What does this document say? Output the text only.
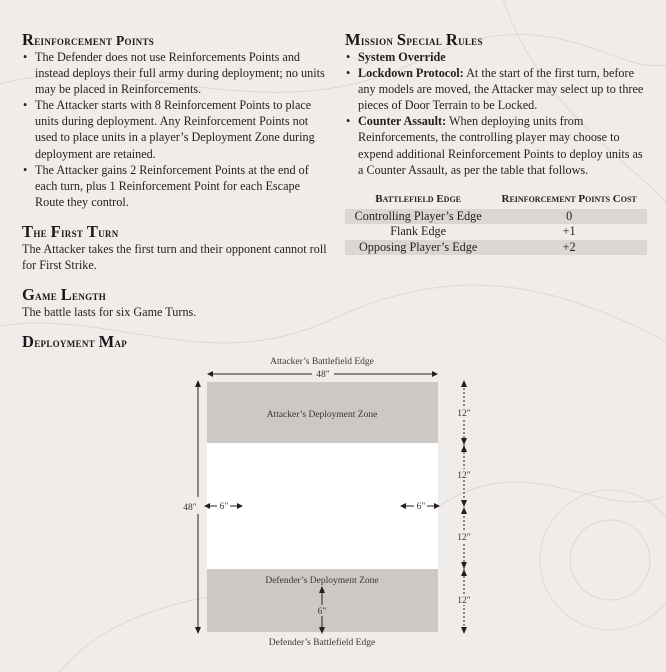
Reinforcement Points
• The Defender does not use Reinforcements Points and instead deploys their full army during deployment; no units may be placed in Reinforcements.
• The Attacker starts with 8 Reinforcement Points to place units during deployment. Any Reinforcement Points not used to place units in a player’s Deployment Zone during deployment are retained.
• The Attacker gains 2 Reinforcement Points at the end of each turn, plus 1 Reinforcement Point for each Escape Route they control.
The First Turn

The Attacker takes the first turn and their opponent cannot roll for First Strike.

Game Length

The battle lasts for six Game Turns.

Deployment Map
Mission Special Rules
• System Override
• Lockdown Protocol: At the start of the first turn, before any models are moved, the Attacker may select up to three pieces of Door Terrain to be Locked.
• Counter Assault: When deploying units from Reinforcements, the controlling player may choose to expend additional Reinforcement Points to deploy units as a Counter Assault, as per the table that follows.
Battlefield Edge	Reinforcement Points Cost
Controlling Player’s Edge	0
Flank Edge	+1
Opposing Player’s Edge	+2
Attacker’s Battlefield Edge
48"
Attacker’s Deployment Zone
Defender’s Deployment Zone
Defender’s Battlefield Edge
48" 6"	6"
6"
12"
12"
12"
12"
